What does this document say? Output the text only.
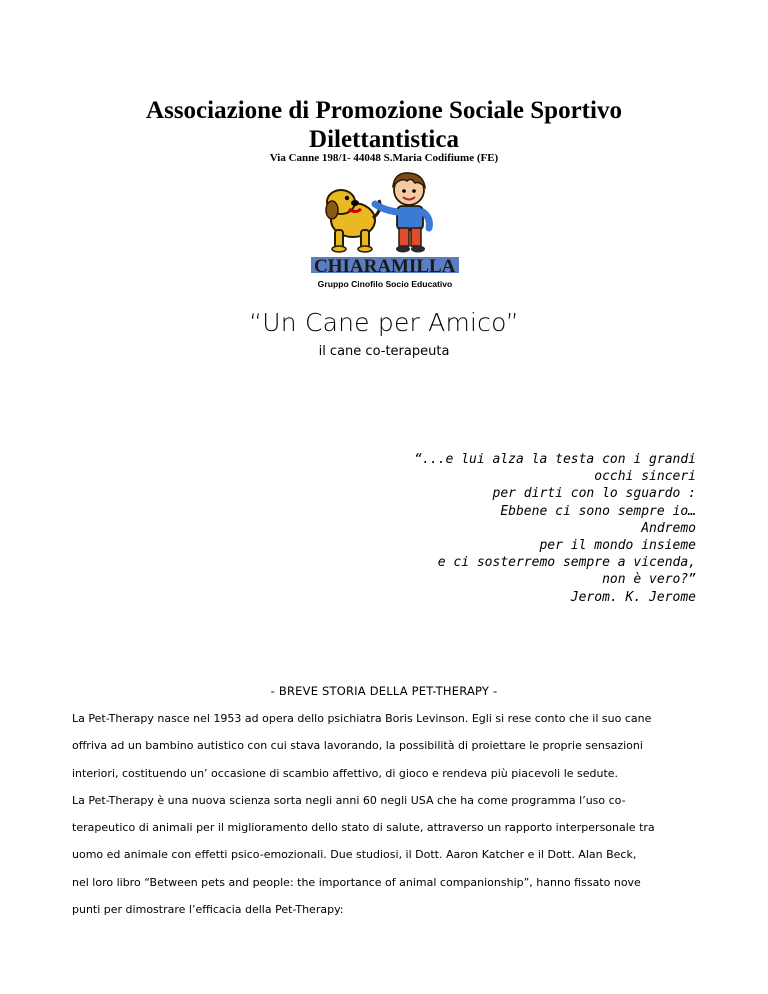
Associazione di Promozione Sociale Sportivo
Dilettantistica
Via Canne 198/1- 44048 S.Maria Codifiume (FE)
CHIARA MILLA
Gruppo Cinofilo Socio Educativo
“Un Cane per Amico”
il cane co-terapeuta
“...e lui alza la testa con i grandi
occhi sinceri
per dirti con lo sguardo :
Ebbene ci sono sempre io…
Andremo
per il mondo insieme
e ci sosterremo sempre a vicenda,
non è vero?”
Jerom. K. Jerome
- BREVE STORIA DELLA PET-THERAPY -
La Pet-Therapy nasce nel 1953 ad opera dello psichiatra Boris Levinson. Egli si rese conto che il suo cane
offriva ad un bambino autistico con cui stava lavorando, la possibilità di proiettare le proprie sensazioni
interiori, costituendo un’ occasione di scambio affettivo, di gioco e rendeva più piacevoli le sedute.
La Pet-Therapy è una nuova scienza sorta negli anni 60 negli USA che ha come programma l’uso co-
terapeutico di animali per il miglioramento dello stato di salute, attraverso un rapporto interpersonale tra
uomo ed animale con effetti psico-emozionali. Due studiosi, il Dott. Aaron Katcher e il Dott. Alan Beck,
nel loro libro “Between pets and people: the importance of animal companionship”, hanno fissato nove
punti per dimostrare l’efficacia della Pet-Therapy:
